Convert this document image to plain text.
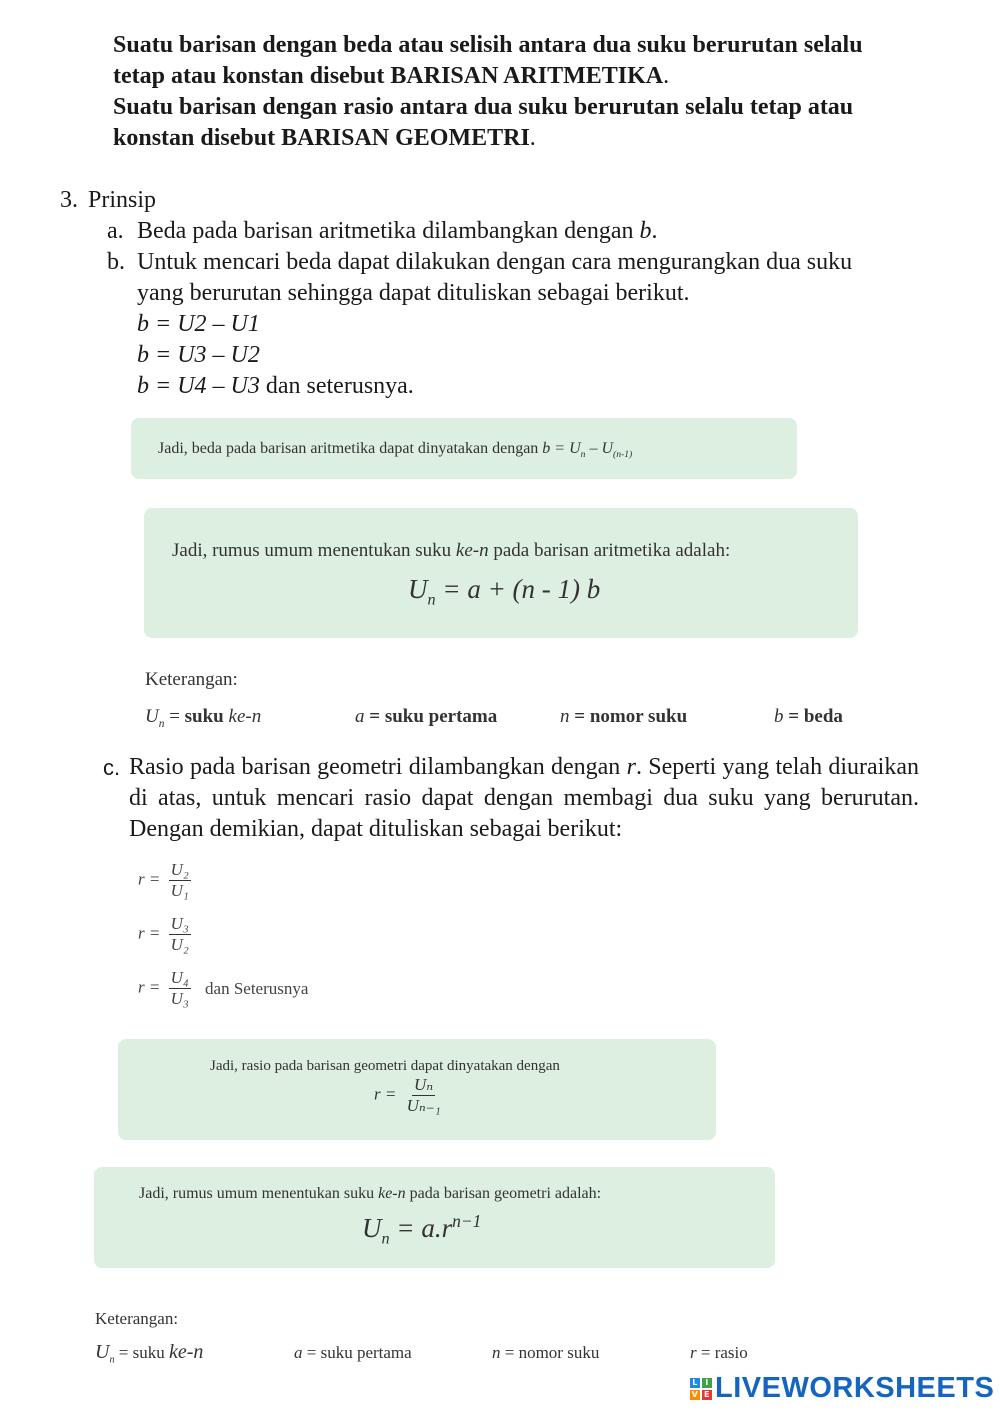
Suatu barisan dengan beda atau selisih antara dua suku berurutan selalu tetap atau konstan disebut BARISAN ARITMETIKA.

Suatu barisan dengan rasio antara dua suku berurutan selalu tetap atau konstan disebut BARISAN GEOMETRI.

3. Prinsip
a. Beda pada barisan aritmetika dilambangkan dengan b.
b. Untuk mencari beda dapat dilakukan dengan cara mengurangkan dua suku yang berurutan sehingga dapat dituliskan sebagai berikut.
b = U2 – U1
b = U3 – U2
b = U4 – U3 dan seterusnya.
Jadi, beda pada barisan aritmetika dapat dinyatakan dengan $b = U_n - U_{(n-1)}$
Jadi, rumus umum menentukan suku ke-n pada barisan aritmetika adalah:
$U_n = a + (n - 1)$ b
Keterangan:
$U_n$ = suku ke-n	a = suku pertama	n = nomor suku	b = beda
c. Rasio pada barisan geometri dilambangkan dengan r. Seperti yang telah diuraikan di atas, untuk mencari rasio dapat dengan membagi dua suku yang berurutan. Dengan demikian, dapat dituliskan sebagai berikut:
$r = \frac{\text{U₂}}{\text{U₁}}$
$r = \frac{\text{U₃}}{\text{U₂}}$
$r = \frac{\text{U₄}}{\text{U₃}}$ dan Seterusnya
Jadi, rasio pada barisan geometri dapat dinyatakan dengan
$r = \frac{\text{Uₙ}}{\text{Uₙ₋₁}}$
Jadi, rumus umum menentukan suku ke-n pada barisan geometri adalah:
$U_n = a.r^{n-1}$
Keterangan:
$U_n$ = suku ke-n	a = suku pertama	n = nomor suku	r = rasio
L I
V E LIVEWORKSHEETS
